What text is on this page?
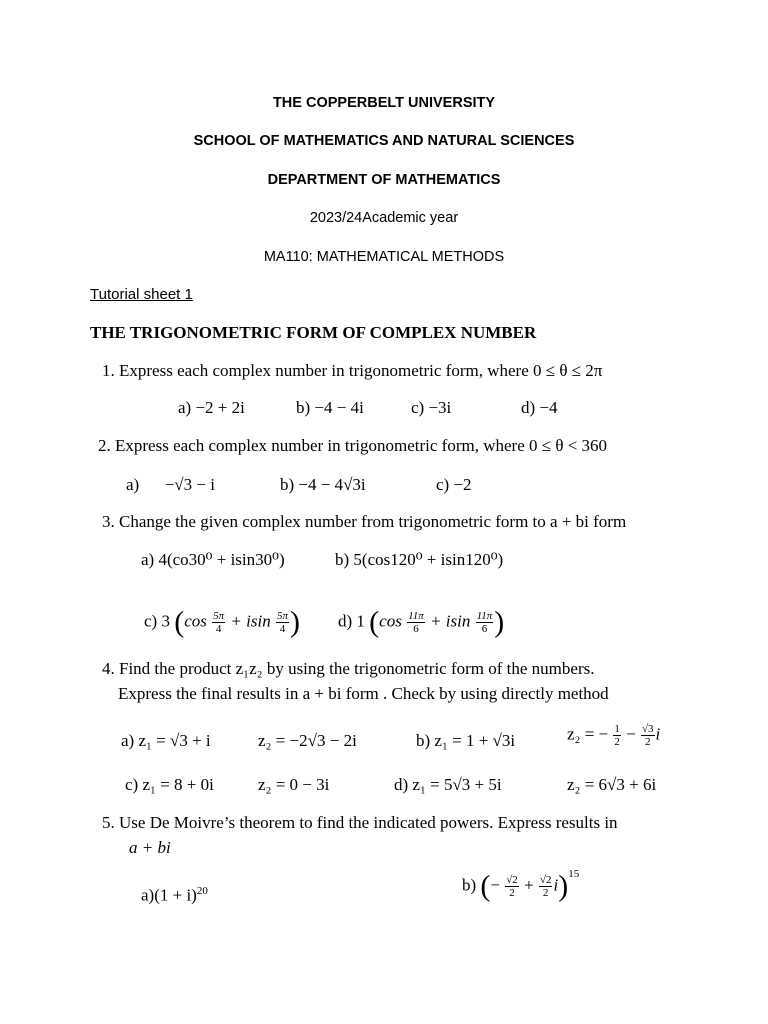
THE COPPERBELT UNIVERSITY
SCHOOL OF MATHEMATICS AND NATURAL SCIENCES
DEPARTMENT OF MATHEMATICS
2023/24Academic year
MA110: MATHEMATICAL METHODS
Tutorial sheet 1
THE TRIGONOMETRIC FORM OF COMPLEX NUMBER
1. Express each complex number in trigonometric form, where 0 ≤ θ ≤ 2π
a) −2 + 2i	b) −4 − 4i	c) −3i	d) −4
2. Express each complex number in trigonometric form, where 0 ≤ θ < 360
a)      −√3 − i	b) −4 − 4√3i	c) −2
3. Change the given complex number from trigonometric form to a + bi form
a) 4(co30⁰ + isin30⁰)	b) 5(cos120⁰ + isin120⁰)
c) 3 ($\cos \frac{5\pi}{4} + isin \frac{5\pi}{4}$ ) d) 1 ($\cos \frac{11\pi}{6} + isin \frac{11\pi}{6}$ )
4. Find the product z₁z₂ by using the trigonometric form of the numbers.
Express the final results in a + bi form . Check by using directly method
a) z₁ = √3 + i	z₂ = −2√3 − 2i	b) z₁ = 1 + √3i	z₂ = − $\frac{1}{2} - \frac{√3}{2}$ i
c) z₁ = 8 + 0i	z₂ = 0 − 3i	d) z₁ = 5√3 + 5i	z₂ = 6√3 + 6i
5. Use De Moivre’s theorem to find the indicated powers. Express results in
a + bi
$a)(1 + i)^{20}$	b) (− $\frac{√2}{2} + \frac{√2}{2} i)^{15}$
